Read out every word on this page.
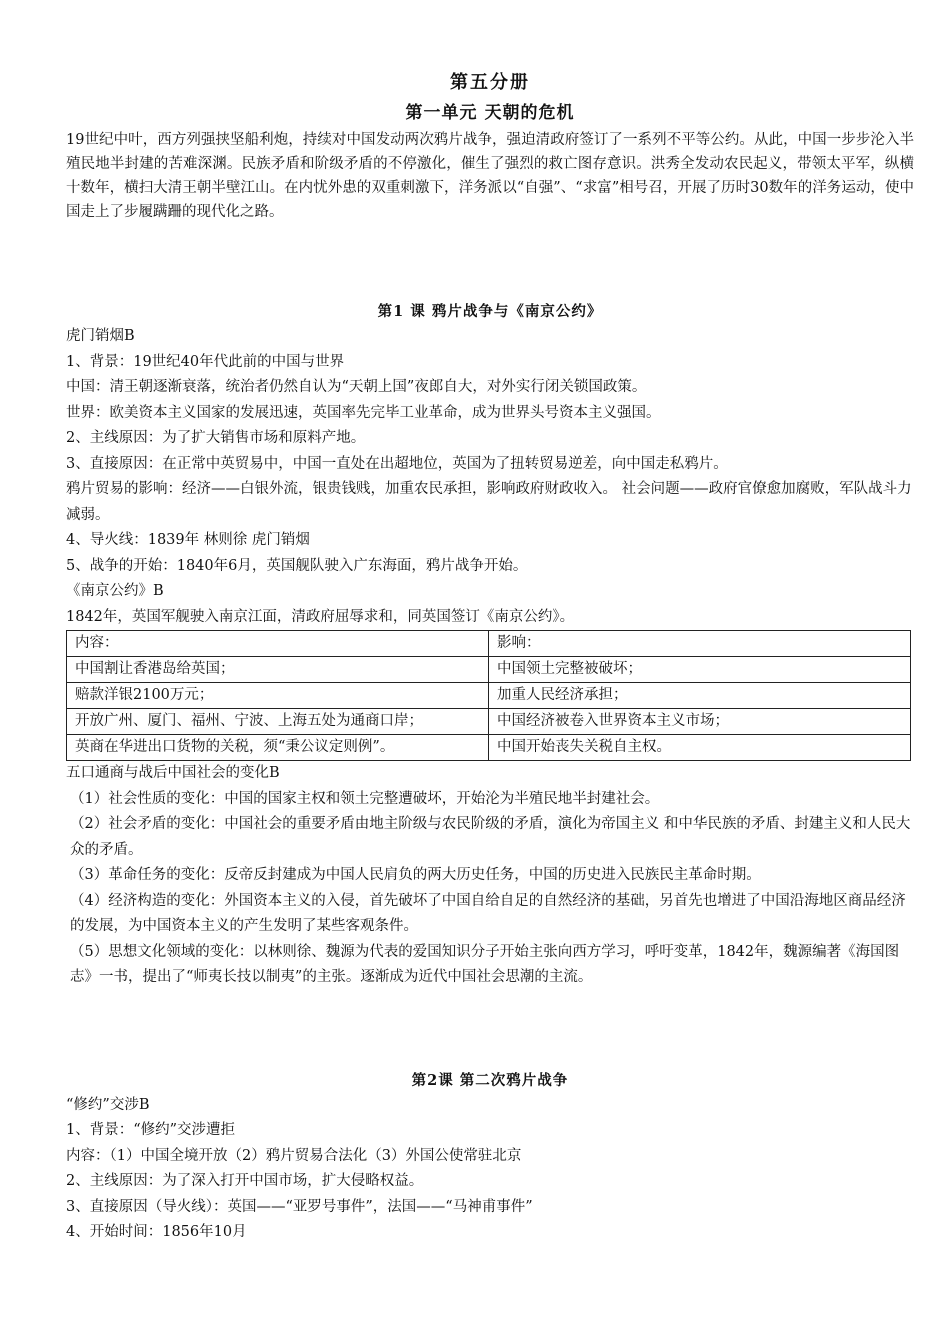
第五分册
第一单元 天朝的危机

19世纪中叶，西方列强挟坚船利炮，持续对中国发动两次鸦片战争，强迫清政府签订了一系列不平等公约。从此，中国一步步沦入半殖民地半封建的苦难深渊。民族矛盾和阶级矛盾的不停激化，催生了强烈的救亡图存意识。洪秀全发动农民起义，带领太平军，纵横十数年，横扫大清王朝半壁江山。在内忧外患的双重刺激下，洋务派以“自强”、“求富”相号召，开展了历时30数年的洋务运动，使中国走上了步履蹒跚的现代化之路。

第1 课 鸦片战争与《南京公约》

虎门销烟B

1、背景：19世纪40年代此前的中国与世界

中国：清王朝逐渐衰落，统治者仍然自认为“天朝上国”夜郎自大，对外实行闭关锁国政策。

世界：欧美资本主义国家的发展迅速，英国率先完毕工业革命，成为世界头号资本主义强国。

2、主线原因：为了扩大销售市场和原料产地。

3、直接原因：在正常中英贸易中，中国一直处在出超地位，英国为了扭转贸易逆差，向中国走私鸦片。

鸦片贸易的影响：经济——白银外流，银贵钱贱，加重农民承担，影响政府财政收入。 社会问题——政府官僚愈加腐败，军队战斗力减弱。

4、导火线：1839年 林则徐 虎门销烟

5、战争的开始：1840年6月，英国舰队驶入广东海面，鸦片战争开始。

《南京公约》B

1842年，英国军舰驶入南京江面，清政府屈辱求和，同英国签订《南京公约》。

内容：	影响：
中国割让香港岛给英国；	中国领土完整被破坏；
赔款洋银2100万元；	加重人民经济承担；
开放广州、厦门、福州、宁波、上海五处为通商口岸；	中国经济被卷入世界资本主义市场；
英商在华进出口货物的关税，须“秉公议定则例”。	中国开始丧失关税自主权。

五口通商与战后中国社会的变化B

（1）社会性质的变化：中国的国家主权和领土完整遭破坏，开始沦为半殖民地半封建社会。

（2）社会矛盾的变化：中国社会的重要矛盾由地主阶级与农民阶级的矛盾，演化为帝国主义 和中华民族的矛盾、封建主义和人民大众的矛盾。

（3）革命任务的变化：反帝反封建成为中国人民肩负的两大历史任务，中国的历史进入民族民主革命时期。

（4）经济构造的变化：外国资本主义的入侵，首先破坏了中国自给自足的自然经济的基础，另首先也增进了中国沿海地区商品经济的发展，为中国资本主义的产生发明了某些客观条件。

（5）思想文化领域的变化：以林则徐、魏源为代表的爱国知识分子开始主张向西方学习，呼吁变革，1842年，魏源编著《海国图志》一书，提出了“师夷长技以制夷”的主张。逐渐成为近代中国社会思潮的主流。

第2课 第二次鸦片战争

“修约”交涉B

1、背景：“修约”交涉遭拒

内容：（1）中国全境开放（2）鸦片贸易合法化（3）外国公使常驻北京

2、主线原因：为了深入打开中国市场，扩大侵略权益。

3、直接原因（导火线）：英国——“亚罗号事件”，法国——“马神甫事件”

4、开始时间：1856年10月
